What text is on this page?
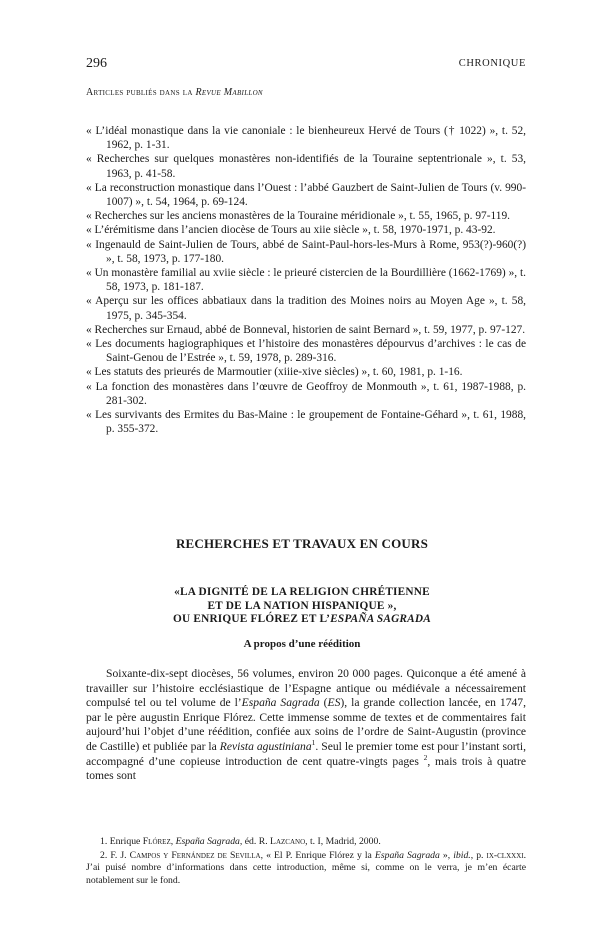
296	CHRONIQUE
Articles publiés dans la Revue Mabillon
« L’idéal monastique dans la vie canoniale : le bienheureux Hervé de Tours († 1022) », t. 52, 1962, p. 1-31.
« Recherches sur quelques monastères non-identifiés de la Touraine septentrionale », t. 53, 1963, p. 41-58.
« La reconstruction monastique dans l’Ouest : l’abbé Gauzbert de Saint-Julien de Tours (v. 990-1007) », t. 54, 1964, p. 69-124.
« Recherches sur les anciens monastères de la Touraine méridionale », t. 55, 1965, p. 97-119.
« L’érémitisme dans l’ancien diocèse de Tours au xiie siècle », t. 58, 1970-1971, p. 43-92.
« Ingenauld de Saint-Julien de Tours, abbé de Saint-Paul-hors-les-Murs à Rome, 953(?)-960(?) », t. 58, 1973, p. 177-180.
« Un monastère familial au xviie siècle : le prieuré cistercien de la Bourdillière (1662-1769) », t. 58, 1973, p. 181-187.
« Aperçu sur les offices abbatiaux dans la tradition des Moines noirs au Moyen Age », t. 58, 1975, p. 345-354.
« Recherches sur Ernaud, abbé de Bonneval, historien de saint Bernard », t. 59, 1977, p. 97-127.
« Les documents hagiographiques et l’histoire des monastères dépourvus d’archives : le cas de Saint-Genou de l’Estrée », t. 59, 1978, p. 289-316.
« Les statuts des prieurés de Marmoutier (xiiie-xive siècles) », t. 60, 1981, p. 1-16.
« La fonction des monastères dans l’œuvre de Geoffroy de Monmouth », t. 61, 1987-1988, p. 281-302.
« Les survivants des Ermites du Bas-Maine : le groupement de Fontaine-Géhard », t. 61, 1988, p. 355-372.
RECHERCHES ET TRAVAUX EN COURS
«LA DIGNITÉ DE LA RELIGION CHRÉTIENNE
ET DE LA NATION HISPANIQUE »,
OU ENRIQUE FLÓREZ ET L’ESPAÑA SAGRADA
A propos d’une réédition

Soixante-dix-sept diocèses, 56 volumes, environ 20 000 pages. Quiconque a été amené à travailler sur l’histoire ecclésiastique de l’Espagne antique ou médiévale a nécessairement compulsé tel ou tel volume de l’España Sagrada (ES), la grande collection lancée, en 1747, par le père augustin Enrique Flórez. Cette immense somme de textes et de commentaires fait aujourd’hui l’objet d’une réédition, confiée aux soins de l’ordre de Saint-Augustin (province de Castille) et publiée par la Revista agustiniana$^1$. Seul le premier tome est pour l’instant sorti, accompagné d’une copieuse introduction de cent quatre-vingts pages $^2$, mais trois à quatre tomes sont

1. Enrique Flórez, España Sagrada, éd. R. Lazcano, t. I, Madrid, 2000.

2. F. J. Campos y Fernández de Sevilla, « El P. Enrique Flórez y la España Sagrada », ibid., p. ix-clxxxi. J’ai puisé nombre d’informations dans cette introduction, même si, comme on le verra, je m’en écarte notablement sur le fond.
